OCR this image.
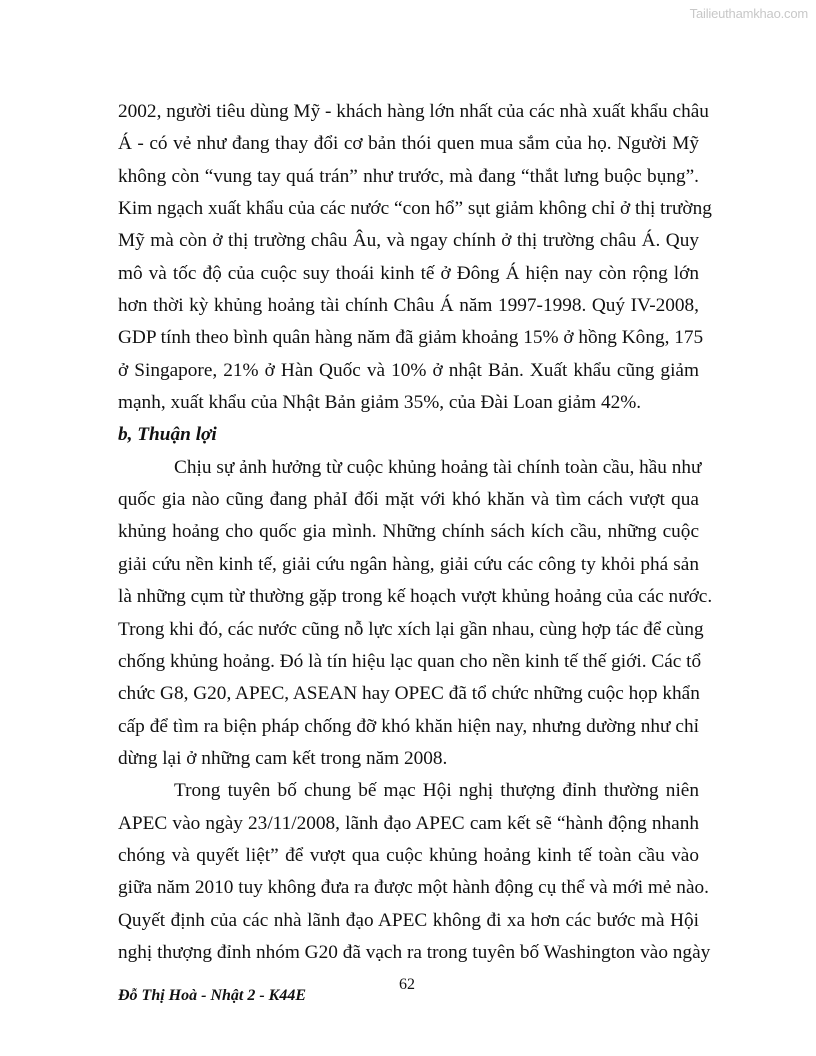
Tailieuthamkhao.com
2002, người tiêu dùng Mỹ - khách hàng lớn nhất của các nhà xuất khẩu châu
Á - có vẻ như đang thay đổi cơ bản thói quen mua sắm của họ. Người Mỹ
không còn “vung tay quá trán” như trước, mà đang “thắt lưng buộc bụng”.
Kim ngạch xuất khẩu của các nước “con hổ” sụt giảm không chỉ ở thị trường
Mỹ mà còn ở thị trường châu Âu, và ngay chính ở thị trường châu Á. Quy
mô và tốc độ của cuộc suy thoái kinh tế ở Đông Á hiện nay còn rộng lớn
hơn thời kỳ khủng hoảng tài chính Châu Á năm 1997-1998. Quý IV-2008,
GDP tính theo bình quân hàng năm đã giảm khoảng 15% ở hồng Kông, 175
ở Singapore, 21% ở Hàn Quốc và 10% ở nhật Bản. Xuất khẩu cũng giảm
mạnh, xuất khẩu của Nhật Bản giảm 35%, của Đài Loan giảm 42%.
b, Thuận lợi
Chịu sự ảnh hưởng từ cuộc khủng hoảng tài chính toàn cầu, hầu như
quốc gia nào cũng đang phảI đối mặt với khó khăn và tìm cách vượt qua
khủng hoảng cho quốc gia mình. Những chính sách kích cầu, những cuộc
giải cứu nền kinh tế, giải cứu ngân hàng, giải cứu các công ty khỏi phá sản
là những cụm từ thường gặp trong kế hoạch vượt khủng hoảng của các nước.
Trong khi đó, các nước cũng nỗ lực xích lại gần nhau, cùng hợp tác để cùng
chống khủng hoảng. Đó là tín hiệu lạc quan cho nền kinh tế thế giới. Các tổ
chức G8, G20, APEC, ASEAN hay OPEC đã tổ chức những cuộc họp khẩn
cấp để tìm ra biện pháp chống đỡ khó khăn hiện nay, nhưng dường như chỉ
dừng lại ở những cam kết trong năm 2008.
Trong tuyên bố chung bế mạc Hội nghị thượng đỉnh thường niên
APEC vào ngày 23/11/2008, lãnh đạo APEC cam kết sẽ “hành động nhanh
chóng và quyết liệt” để vượt qua cuộc khủng hoảng kinh tế toàn cầu vào
giữa năm 2010 tuy không đưa ra được một hành động cụ thể và mới mẻ nào.
Quyết định của các nhà lãnh đạo APEC không đi xa hơn các bước mà Hội
nghị thượng đỉnh nhóm G20 đã vạch ra trong tuyên bố Washington vào ngày
Đỗ Thị Hoà - Nhật 2 - K44E
62
